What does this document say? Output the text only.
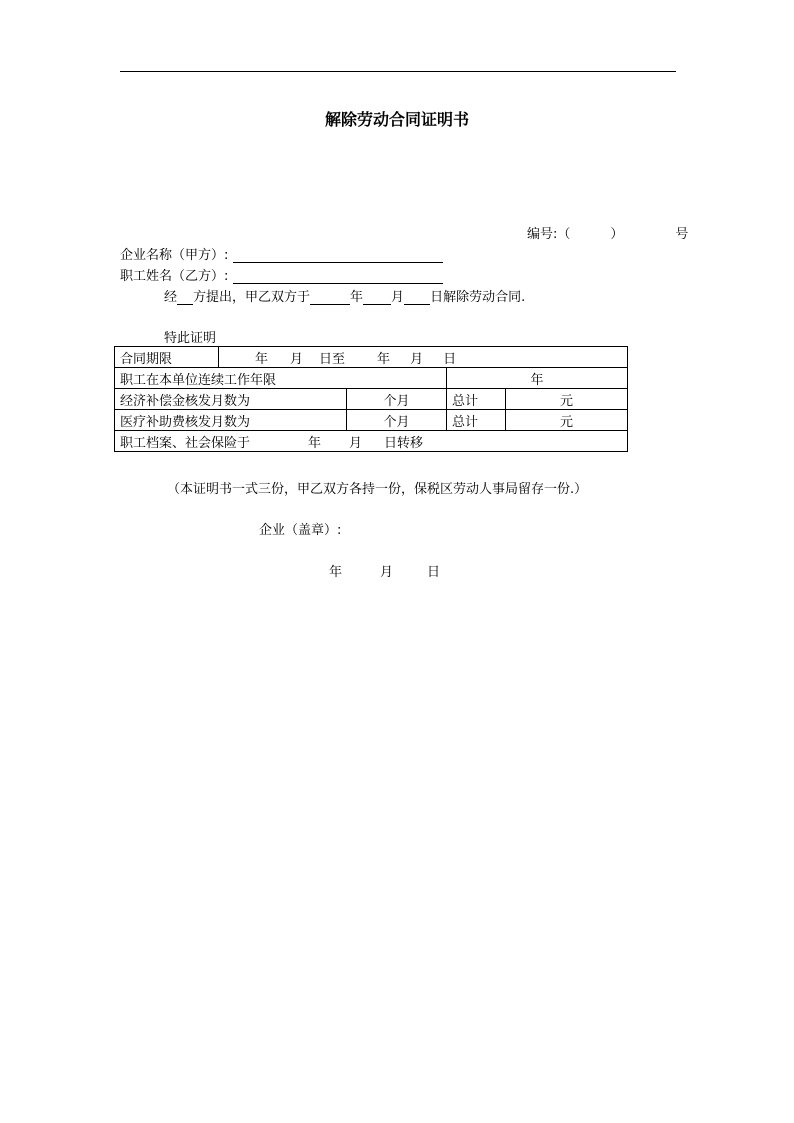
解除劳动合同证明书
编号:（	）	号
企业名称（甲方）:
职工姓名（乙方）:
经 方提出，甲乙双方于	年 月 日解除劳动合同.
特此证明
合同期限	年 月 日至 年 月 日			
职工在本单位连续工作年限			年	
经济补偿金核发月数为		个月	总计	元
医疗补助费核发月数为		个月	总计	元
职工档案、社会保险于 年 月 日转移				
（本证明书一式三份，甲乙双方各持一份，保税区劳动人事局留存一份.）
企业（盖章）:
年	月	日
